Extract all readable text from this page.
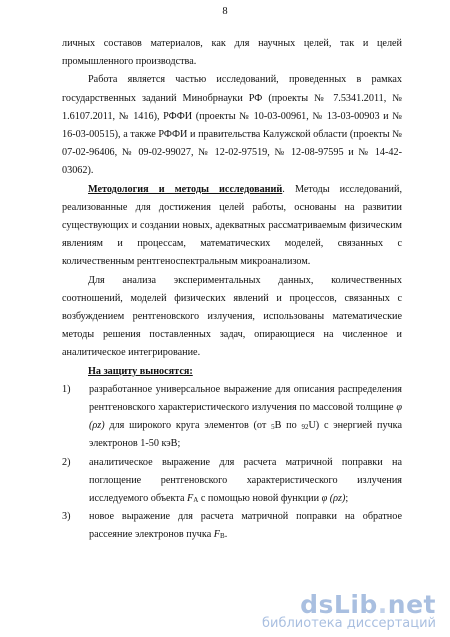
8

личных составов материалов, как для научных целей, так и целей промышленного производства.

Работа является частью исследований, проведенных в рамках государственных заданий Минобрнауки РФ (проекты № 7.5341.2011, № 1.6107.2011, № 1416), РФФИ (проекты № 10-03-00961, № 13-03-00903 и № 16-03-00515), а также РФФИ и правительства Калужской области (проекты № 07-02-96406, № 09-02-99027, № 12-02-97519, № 12-08-97595 и № 14-42-03062).

Методология и методы исследований. Методы исследований, реализованные для достижения целей работы, основаны на развитии существующих и создании новых, адекватных рассматриваемым физическим явлениям и процессам, математических моделей, связанных с количественным рентгеноспектральным микроанализом.

Для анализа экспериментальных данных, количественных соотношений, моделей физических явлений и процессов, связанных с возбуждением рентгеновского излучения, использованы математические методы решения поставленных задач, опирающиеся на численное и аналитическое интегрирование.

На защиту выносятся:

1)	разработанное универсальное выражение для описания распределения рентгеновского характеристического излучения по массовой толщине φ (ρz) для широкого круга элементов (от 5B по 92U) с энергией пучка электронов 1-50 кэВ;
2)	аналитическое выражение для расчета матричной поправки на поглощение рентгеновского характеристического излучения исследуемого объекта FA с помощью новой функции φ (ρz);
3)	новое выражение для расчета матричной поправки на обратное рассеяние электронов пучка FB.
dsLib.net
библиотека диссертаций
